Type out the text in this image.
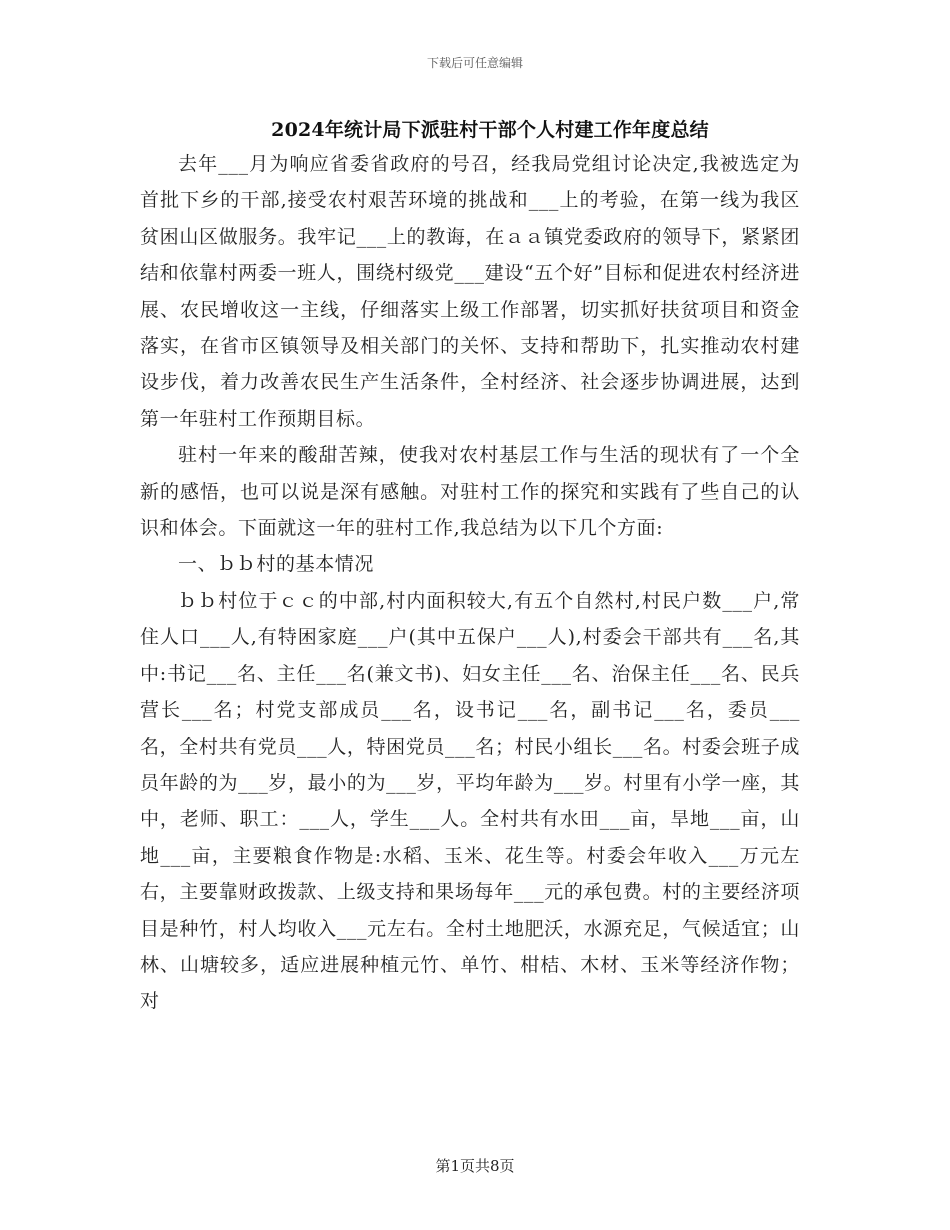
下载后可任意编辑
2024年统计局下派驻村干部个人村建工作年度总结

去年___月为响应省委省政府的号召，经我局党组讨论决定,我被选定为首批下乡的干部,接受农村艰苦环境的挑战和___上的考验，在第一线为我区贫困山区做服务。我牢记___上的教诲，在ａａ镇党委政府的领导下，紧紧团结和依靠村两委一班人，围绕村级党___建设“五个好”目标和促进农村经济进展、农民增收这一主线，仔细落实上级工作部署，切实抓好扶贫项目和资金落实，在省市区镇领导及相关部门的关怀、支持和帮助下，扎实推动农村建设步伐，着力改善农民生产生活条件，全村经济、社会逐步协调进展，达到第一年驻村工作预期目标。

驻村一年来的酸甜苦辣，使我对农村基层工作与生活的现状有了一个全新的感悟，也可以说是深有感触。对驻村工作的探究和实践有了些自己的认识和体会。下面就这一年的驻村工作,我总结为以下几个方面:

一、ｂｂ村的基本情况

ｂｂ村位于ｃｃ的中部,村内面积较大,有五个自然村,村民户数___户,常住人口___人,有特困家庭___户(其中五保户___人),村委会干部共有___名,其中:书记___名、主任___名(兼文书)、妇女主任___名、治保主任___名、民兵营长___名；村党支部成员___名，设书记___名，副书记___名，委员___名，全村共有党员___人，特困党员___名；村民小组长___名。村委会班子成员年龄的为___岁，最小的为___岁，平均年龄为___岁。村里有小学一座，其中，老师、职工：___人，学生___人。全村共有水田___亩，旱地___亩，山地___亩，主要粮食作物是:水稻、玉米、花生等。村委会年收入___万元左右，主要靠财政拨款、上级支持和果场每年___元的承包费。村的主要经济项目是种竹，村人均收入___元左右。全村土地肥沃，水源充足，气候适宜；山林、山塘较多，适应进展种植元竹、单竹、柑桔、木材、玉米等经济作物；对

第1页共8页
